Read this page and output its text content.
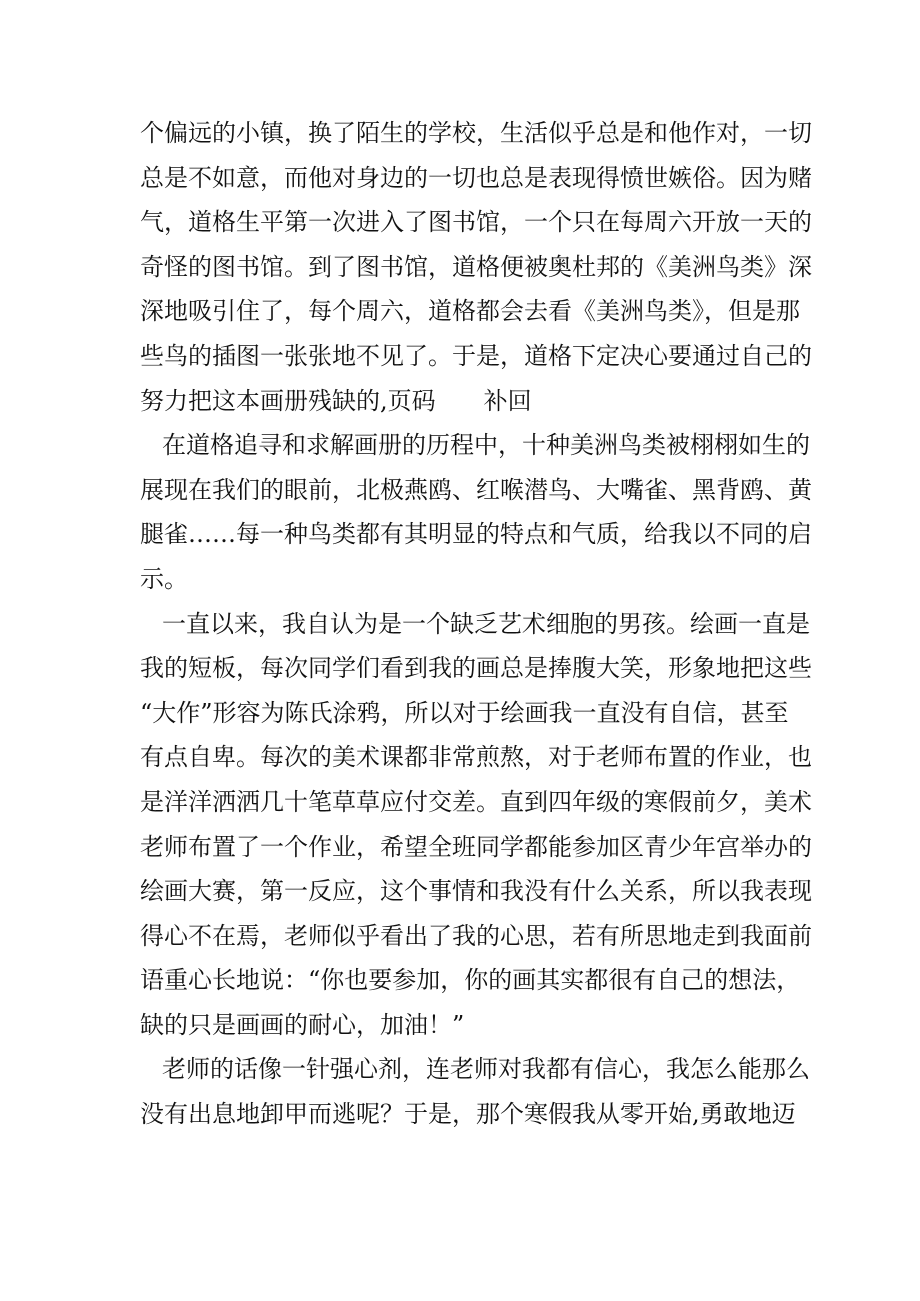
个偏远的小镇，换了陌生的学校，生活似乎总是和他作对，一切
总是不如意，而他对身边的一切也总是表现得愤世嫉俗。因为赌
气，道格生平第一次进入了图书馆，一个只在每周六开放一天的
奇怪的图书馆。到了图书馆，道格便被奥杜邦的《美洲鸟类》深
深地吸引住了，每个周六，道格都会去看《美洲鸟类》，但是那
些鸟的插图一张张地不见了。于是，道格下定决心要通过自己的
努力把这本画册残缺的,页码　　补回
在道格追寻和求解画册的历程中，十种美洲鸟类被栩栩如生的
展现在我们的眼前，北极燕鸥、红喉潜鸟、大嘴雀、黑背鸥、黄
腿雀……每一种鸟类都有其明显的特点和气质，给我以不同的启
示。
一直以来，我自认为是一个缺乏艺术细胞的男孩。绘画一直是
我的短板，每次同学们看到我的画总是捧腹大笑，形象地把这些
“大作”形容为陈氏涂鸦，所以对于绘画我一直没有自信，甚至
有点自卑。每次的美术课都非常煎熬，对于老师布置的作业，也
是洋洋洒洒几十笔草草应付交差。直到四年级的寒假前夕，美术
老师布置了一个作业，希望全班同学都能参加区青少年宫举办的
绘画大赛，第一反应，这个事情和我没有什么关系，所以我表现
得心不在焉，老师似乎看出了我的心思，若有所思地走到我面前
语重心长地说：“你也要参加，你的画其实都很有自己的想法，
缺的只是画画的耐心，加油！”
老师的话像一针强心剂，连老师对我都有信心，我怎么能那么
没有出息地卸甲而逃呢？于是，那个寒假我从零开始,勇敢地迈
